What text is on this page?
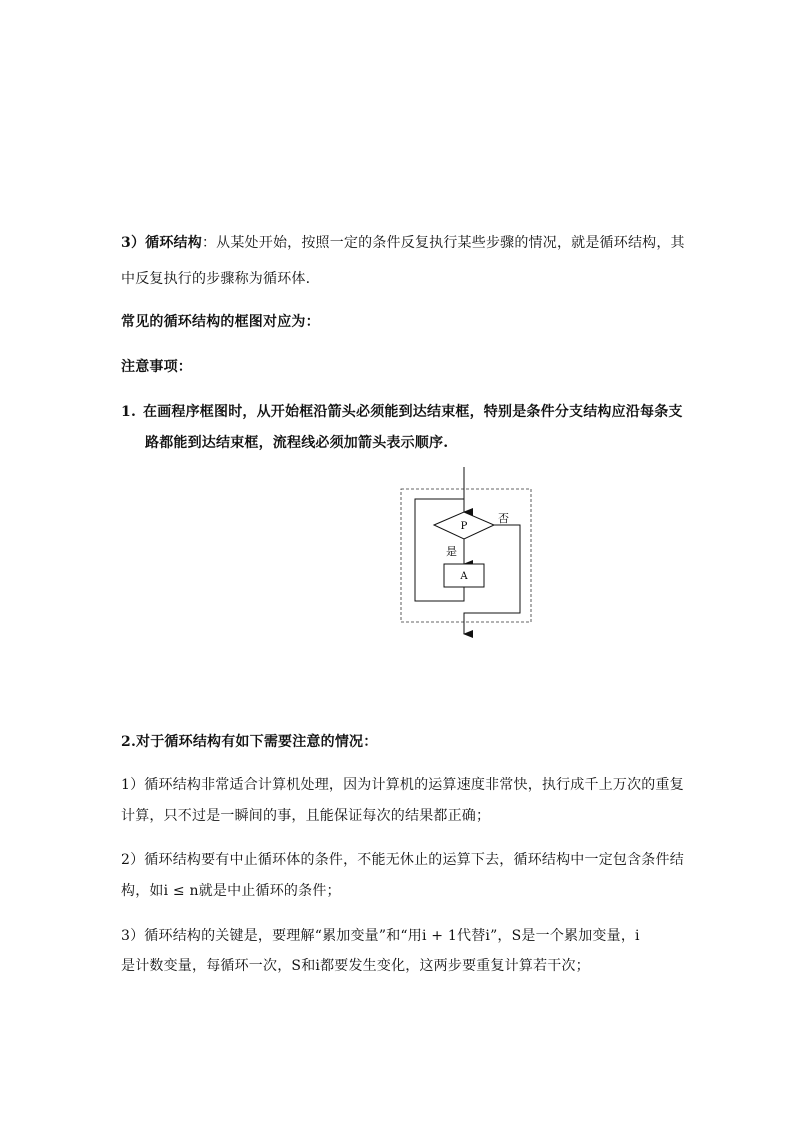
3）循环结构：从某处开始，按照一定的条件反复执行某些步骤的情况，就是循环结构，其
中反复执行的步骤称为循环体.
常见的循环结构的框图对应为：
注意事项：
1. 在画程序框图时，从开始框沿箭头必须能到达结束框，特别是条件分支结构应沿每条支
路都能到达结束框，流程线必须加箭头表示顺序.
P
是
A
否
2.对于循环结构有如下需要注意的情况：
1）循环结构非常适合计算机处理，因为计算机的运算速度非常快，执行成千上万次的重复
计算，只不过是一瞬间的事，且能保证每次的结果都正确；
2）循环结构要有中止循环体的条件，不能无休止的运算下去，循环结构中一定包含条件结
构，如i ≤ n就是中止循环的条件；
3）循环结构的关键是，要理解“累加变量”和“用i + 1代替i”，S是一个累加变量，i
是计数变量，每循环一次，S和i都要发生变化，这两步要重复计算若干次；
